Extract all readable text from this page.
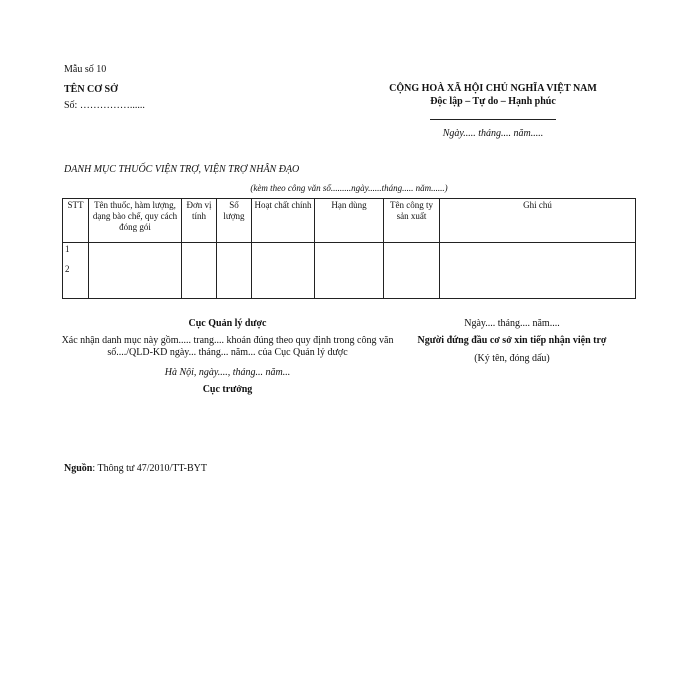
Mẫu số 10
TÊN CƠ SỞ
Số: ……………......
CỘNG HOÀ XÃ HỘI CHỦ NGHĨA VIỆT NAM
Độc lập – Tự do – Hạnh phúc
Ngày..... tháng.... năm.....
DANH MỤC THUỐC VIỆN TRỢ, VIỆN TRỢ NHÂN ĐẠO
(kèm theo công văn số.........ngày......tháng..... năm......)
STT	Tên thuốc, hàm lượng, dạng bào chế, quy cách đóng gói	Đơn vị tính	Số lượng	Hoạt chất chính	Hạn dùng	Tên công ty sản xuất	Ghi chú

1
2							

Cục Quản lý dược
Xác nhận danh mục này gồm..... trang.... khoản đúng theo quy định trong công văn số..../QLD-KD ngày... tháng... năm... của Cục Quản lý dược
Hà Nội, ngày...., tháng... năm...
Cục trưởng
Ngày.... tháng.... năm....
Người đứng đầu cơ sở xin tiếp nhận viện trợ
(Ký tên, đóng dấu)
Nguồn: Thông tư 47/2010/TT-BYT
